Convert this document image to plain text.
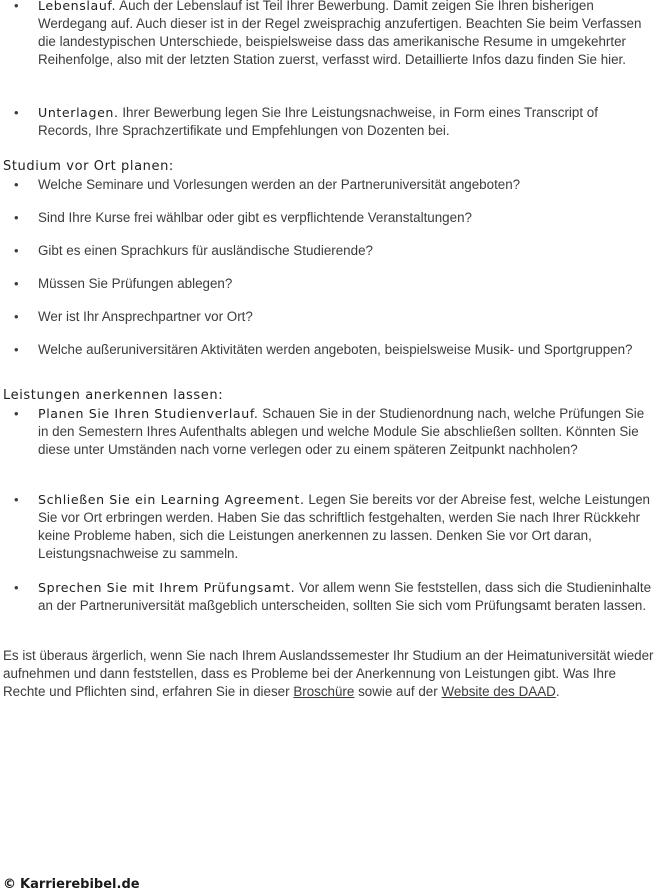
• Lebenslauf. Auch der Lebenslauf ist Teil Ihrer Bewerbung. Damit zeigen Sie Ihren bisherigen Werdegang auf. Auch dieser ist in der Regel zweisprachig anzufertigen. Beachten Sie beim Verfassen die landestypischen Unterschiede, beispielsweise dass das amerikanische Resume in umgekehrter Reihenfolge, also mit der letzten Station zuerst, verfasst wird. Detaillierte Infos dazu finden Sie hier.
• Unterlagen. Ihrer Bewerbung legen Sie Ihre Leistungsnachweise, in Form eines Transcript of Records, Ihre Sprachzertifikate und Empfehlungen von Dozenten bei.
Studium vor Ort planen:
• Welche Seminare und Vorlesungen werden an der Partneruniversität angeboten?
• Sind Ihre Kurse frei wählbar oder gibt es verpflichtende Veranstaltungen?
• Gibt es einen Sprachkurs für ausländische Studierende?
• Müssen Sie Prüfungen ablegen?
• Wer ist Ihr Ansprechpartner vor Ort?
• Welche außeruniversitären Aktivitäten werden angeboten, beispielsweise Musik- und Sportgruppen?
Leistungen anerkennen lassen:
• Planen Sie Ihren Studienverlauf. Schauen Sie in der Studienordnung nach, welche Prüfungen Sie in den Semestern Ihres Aufenthalts ablegen und welche Module Sie abschließen sollten. Könnten Sie diese unter Umständen nach vorne verlegen oder zu einem späteren Zeitpunkt nachholen?
• Schließen Sie ein Learning Agreement. Legen Sie bereits vor der Abreise fest, welche Leistungen Sie vor Ort erbringen werden. Haben Sie das schriftlich festgehalten, werden Sie nach Ihrer Rückkehr keine Probleme haben, sich die Leistungen anerkennen zu lassen. Denken Sie vor Ort daran, Leistungsnachweise zu sammeln.
• Sprechen Sie mit Ihrem Prüfungsamt. Vor allem wenn Sie feststellen, dass sich die Studieninhalte an der Partneruniversität maßgeblich unterscheiden, sollten Sie sich vom Prüfungsamt beraten lassen.
Es ist überaus ärgerlich, wenn Sie nach Ihrem Auslandssemester Ihr Studium an der Heimatuniversität wieder aufnehmen und dann feststellen, dass es Probleme bei der Anerkennung von Leistungen gibt. Was Ihre Rechte und Pflichten sind, erfahren Sie in dieser Broschüre sowie auf der Website des DAAD.
© Karrierebibel.de
